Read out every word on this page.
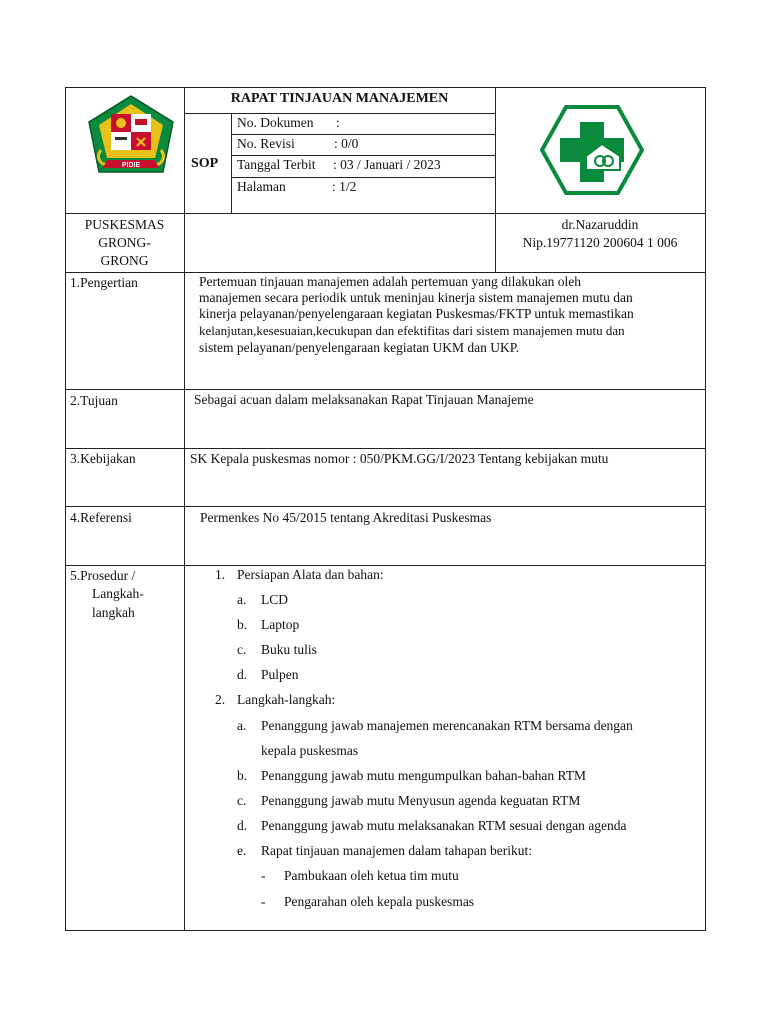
PIDIE
RAPAT TINJAUAN MANAJEMEN
SOP
No. Dokumen :
No. Revisi	: 0/0
Tanggal Terbit : 03 / Januari / 2023
Halaman	: 1/2
PUSKESMAS
GRONG-
GRONG
dr.Nazaruddin
Nip.19771120 200604 1 006
1.Pengertian	Pertemuan tinjauan manajemen adalah pertemuan yang dilakukan oleh
manajemen secara periodik untuk meninjau kinerja sistem manajemen mutu dan
kinerja pelayanan/penyelengaraan kegiatan Puskesmas/FKTP untuk memastikan
kelanjutan,kesesuaian,kecukupan dan efektifitas dari sistem manajemen mutu dan
sistem pelayanan/penyelengaraan kegiatan UKM dan UKP.
2.Tujuan	Sebagai acuan dalam melaksanakan Rapat Tinjauan Manajeme
3.Kebijakan	SK Kepala puskesmas nomor : 050/PKM.GG/I/2023 Tentang kebijakan mutu
4.Referensi	Permenkes No 45/2015 tentang Akreditasi Puskesmas
5.Prosedur /
Langkah-
langkah
1. Persiapan Alata dan bahan:
a. LCD
b. Laptop
c. Buku tulis
d. Pulpen
2. Langkah-langkah:
a. Penanggung jawab manajemen merencanakan RTM bersama dengan
kepala puskesmas
b. Penanggung jawab mutu mengumpulkan bahan-bahan RTM
c. Penanggung jawab mutu Menyusun agenda keguatan RTM
d. Penanggung jawab mutu melaksanakan RTM sesuai dengan agenda
e. Rapat tinjauan manajemen dalam tahapan berikut:
- Pambukaan oleh ketua tim mutu
- Pengarahan oleh kepala puskesmas
